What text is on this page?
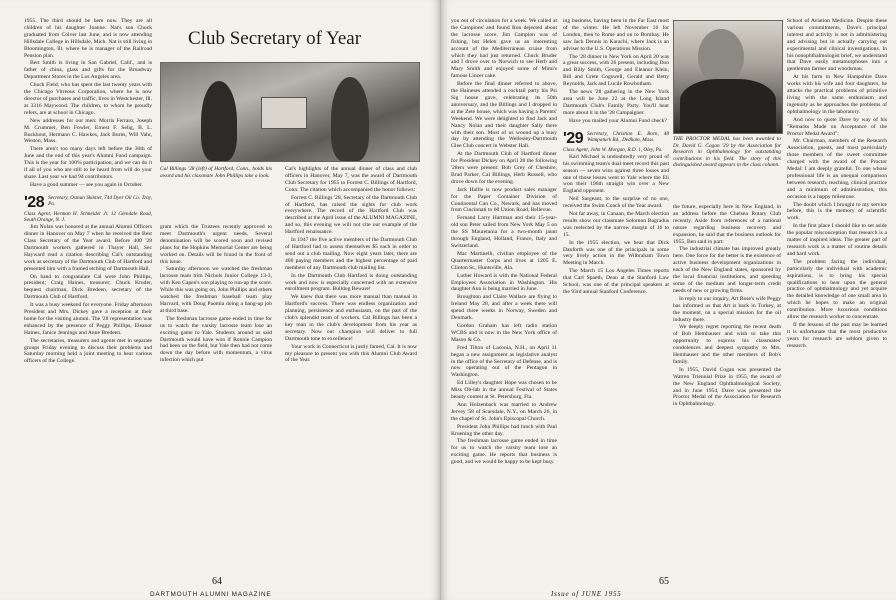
Club Secretary of Year

1955. The third should be here now. They are all children of his daughter Joanne. Nat's son Chuck graduated from Colver last June, and is now attending Hillsdale College in Hillsdale, Mich. Nat is still living in Bloomington, Ill. where he is manager of the Railroad Pension plan.

Bert Smith is living in San Gabriel, Calif., and is father of china, glass and gifts for the Broadway Department Stores in the Los Angeles area.

Chuck Field, who has spent the last twenty years with the Chicago Vitreous Corporation, where he is now director of purchases and traffic, lives in Westchester, Ill. at 3316 Maywood. The children, to whom he proudly refers, are at school in Chicago.

New addresses for our men: Morris Ferraro, Joseph M. Crummer, Ben Fowler, Ernest F. Selig, B. L. Buckhout, Hermann C. Hawkes, Jack Burns, Will Vahr, Weston, Mass.

There aren't too many days left before the 30th of June and the end of this year's Alumni Fund campaign. This is the year for 100% participation, and we can do it if all of you who are still to be heard from will do your share. Last year we had 94 contributors.

Have a good summer — see you again in October.

'28 Secretary, Osmun Skinner, 744 Dyer Oil Co. Troy, Pa.

Class Agent, Herman H. Schneider Jr. 12 Glendale Road, South Orange, N. J.

Jim Nolan was honored at the annual Alumni Officers dinner in Hanover on May 7 when he received the Best Class Secretary of the Year award. Before 400 '28 Dartmouth workers gathered in Thayer Hall, Sec Hayward read a citation describing Cal's outstanding work as secretary of the Dartmouth Club of Hartford and presented him with a framed etching of Dartmouth Hall.

On hand to congratulate Cal were John Phillips, president; Craig Haines, treasurer; Chuck Kruder, bequest chairman, Dick Bredeen, secretary of the Dartmouth Club of Hartford.

It was a busy weekend for everyone. Friday afternoon President and Mrs. Dickey gave a reception at their home for the visiting alumni. The '28 representation was enhanced by the presence of Peggy Phillips, Eleanor Haines, Janice Jennings and Anne Bredeen.

The secretaries, treasurers and agents met in separate groups Friday evening to discuss their problems and Saturday morning held a joint meeting to hear various officers of the College.

Cal Billings '28 (left) of Hartford, Conn., holds his award and his classmate John Phillips take a look.

Cal's highlights of the annual dinner of class and club officers in Hanover, May 7, was the award of Dartmouth Club Secretary for 1955 to Forrest C. Billings of Hartford, Conn. The citation which accompanied the honor follows:

Forrest C. Billings '28, Secretary of the Dartmouth Club of Hartford, has raised the sights for club work everywhere. The record of the Hartford Club was described at the April issue of the ALUMNI MAGAZINE, and so, this evening we will not cite our example of the Hartford renaissance.

In 1947 the five active members of the Dartmouth Club of Hartford had to assess themselves $5 each in order to send out a club mailing. Now eight years later, there are 400 paying members and the highest percentage of paid members of any Dartmouth club mailing list.

In the Dartmouth Club Hartford is doing outstanding work and now is especially concerned with an extensive enrollment program. Bulldog Beware!

We knew that there was more manual than manual in Hartford's success. There was endless organization and planning, persistence and enthusiasm, on the part of the club's splendid team of workers. Cal Billings has been a key man in the club's development from his year as secretary. Now our champion will deliver to full Dartmouth tone to excellence!

Your work in Connecticut is justly famed, Cal. It is now my pleasure to present you with this Alumni Club Award of the Year.

gram which the Trustees recently approved to meet Dartmouth's urgent needs. Several denomination will be scored soon and revised plans for the Hopkins Memorial Center are being worked on. Details will be found in the front of this issue.

Saturday afternoon we watched the freshman lacrosse team trim Nichols Junior College 13-3, with Ken Capen's son playing to run-up the score. While this was going on, John Phillips and others watched the freshman baseball team play Harvard, with Doug Paomia doing a bang-up job at third base.

The freshman lacrosse game ended in time for us to watch the varsity lacrosse team lose an exciting game to Yale. Students around us said Dartmouth would have won if Ronnie Campion had been on the field, but Yale then had not come down the day before with momentum, a virus infection which put

64
DARTMOUTH ALUMNI MAGAZINE

you out of circulation for a week. We called at the Campions' and found Ron dejected about the lacrosse score. Jim Campion was of fishing, but Helen gave us an interesting account of the Mediterranean cruise from which they had just returned. Chuck Bruder and I drove over to Norwich to see Herb and Mary Smith and enjoyed some of Mimi's famous Linzer cake.

Before the final dinner referred to above, the Haineses attended a cocktail party his Psi Sig house gave, celebrating its 50th anniversary, and the Billings and I dropped in at the Zete house, which was having a Parents' Weekend. We were delighted to find Jack and Nancy Nolan and their daughter Sally there with their son. Most of us wound up a busy day by attending the Wellesley-Dartmouth Glee Club concert in Webster Hall.

At the Dartmouth Club of Hartford dinner for President Dickey on April 28 the following '28ers were present: Bob Grey of Cheshire, Brad Parker, Cal Billings, Herb Russell, who drove down for the evening.

Jack Hallie is now product sales manager for the Paper Container Division of Continental Can Co., Newark, and has moved from Cincinnati to 60 Union Road, Bellevue.

Fernand Larry Hartman and their 15-year-old son Peter sailed from New York May 5 on the SS Mauretania for a two-month jaunt through England, Holland, France, Italy and Switzerland.

Mac Martinelli, civilian employee of the Quartermaster Corps and lives at 1205 E. Clinton St., Huntsville, Ala.

Luther Howard is with the National Federal Employees Association in Washington. His daughter Ann is being married in June.

Broughton and Claire Wallace are flying to Ireland May 28, and after a week there will spend three weeks in Norway, Sweden and Denmark.

Gordon Graham has left radio station WCBS and is now in the New York office of Mason & Co.

Fred Tilton of Laconia, N.H., on April 11 began a new assignment as legislative analyst in the office of the Secretary of Defense, and is now operating out of the Pentagon in Washington.

Ed Lilley's daughter Hope was chosen to be Miss Ob-lab in the annual Festival of States beauty contest at St. Petersburg, Fla.

Ann Holzenbach was married to Andrew Jervey '58 of Scarsdale, N.Y., on March 26, in the chapel of St. John's Episcopal Church.

President John Phillips had lunch with Paul Kruening the other day.

The freshman lacrosse game ended in time for us to watch the varsity team lose an exciting game. He reports that business is good, and we would be happy to be kept busy.

ing business, having been in the Far East most of the winter. He left November 16 for London, then to Rome and on to Bombay. He saw Jack Dennis in Karachi, where Jack is an adviser to the U.S. Operations Mission.

The '28 dinner in New York on April 20 was a great success, with 26 present, including Don and Billy Smith, George and Eleanor Klein, Bill and Grete Cogswell, Gerald and Betty Reynolds, Jack and Lucile Rowbotham.

The news '28 gathering in the New York area will be June 22 at the Long Island Dartmouth Club's Family Party. You'll hear more about it in the '28 Campaigner.

Have you mailed your Alumni Fund check?

'29 Secretary, Christian E. Born, 48 Wampatuck Rd., Dedham, Mass.

Class Agent, John W. Morgan, R.D. 1, Oley, Pa.

Karl Michael is undoubtedly very proud of his swimming team's dual meet record this past season — seven wins against three losses and one of those losses went to Yale where the Eli won their 196th straight win over a New England opponent.

Neil Sargeant, to the surprise of no one, received the Swim Coach of the Year award.

Not far away, in Canaan, the March election results show our classmate Solomon Bagradus was reelected by the narrow margin of 16 to 15.

In the 1955 election, we hear that Dick Danforth was one of the principals in some very lively action in the Wilbraham Town Meeting in March.

The March 15 Los Angeles Times reports that Carl Spaeth, Dean at the Stanford Law School, was one of the principal speakers at the 93rd annual Stanford Conference.

THE PROCTOR MEDAL has been awarded to Dr. David G. Cogan '29 by the Association for Research in Ophthalmology for outstanding contributions in his field. The story of this distinguished award appears in the class column.

the future, especially here in New England, in an address before the Chelsea Rotary Club recently. Aside from references of a national nature regarding business recovery and expansion, he said that the business outlook for 1955, Ben said in part:

The industrial climate has improved greatly here. One force for the better is the existence of active business development organizations in each of the New England states, sponsored by the local financial institutions, and speeding some of the medium and longer-term credit needs of new or growing firms.

In reply to our inquiry, Art Rose's wife Peggy has informed us that Art is back in Turkey, at the moment, on a special mission for the oil industry there.

We deeply regret reporting the recent death of Bob Hemhauser and wish to take this opportunity to express his classmates' condolences and deepest sympathy to Mrs. Hemhauser and the other members of Bob's family.

In 1955, David Cogan was presented the Warren Triennial Prize in 1955, the award of the New England Ophthalmological Society, and in June 1954, Dave was presented the Proctor Medal of the Association for Research in Ophthalmology.

School of Aviation Medicine. Despite these various commitments, Dave's principal interest and activity is not in administering and advising but in actually carrying out experimental and clinical investigations. In his nonophthalmologist brief, we understand that Dave easily metamorphoses into a gentleman farmer and woodsman.

At his farm in New Hampshire Dave works with his wife and four daughters, he attacks the practical problems of primitive living with the same enthusiasm and ingenuity as he approaches the problems of ophthalmology in the laboratory.

And now to quote Dave by way of his "Remarks Made on Acceptance of the Proctor Medal Award":

Mr. Chairman, members of the Research Association, guests, and most particularly those members of the sweet committee charged with the award of the Proctor Medal: I am deeply grateful. To one whose professional life is an unequal comparison between research, teaching, clinical practice and a minimum of administration, this occasion is a happy milestone.

The doubt which I brought to my service before, this is the memory of scientific work.

In the first place I should like to set aside the popular misconception that research is a matter of inspired ideas. The greater part of research work is a matter of routine details and hard work.

The problem facing the individual, particularly the individual with academic aspirations, is to bring his special qualifications to bear upon the general practice of ophthalmology and yet acquire the detailed knowledge of one small area in which he hopes to make an original contribution. More luxurious conditions allow the research worker to concentrate.

If the lessons of the past may be learned it is unfortunate that the most productive years for research are seldom given to research.

Issue of JUNE 1955
65
